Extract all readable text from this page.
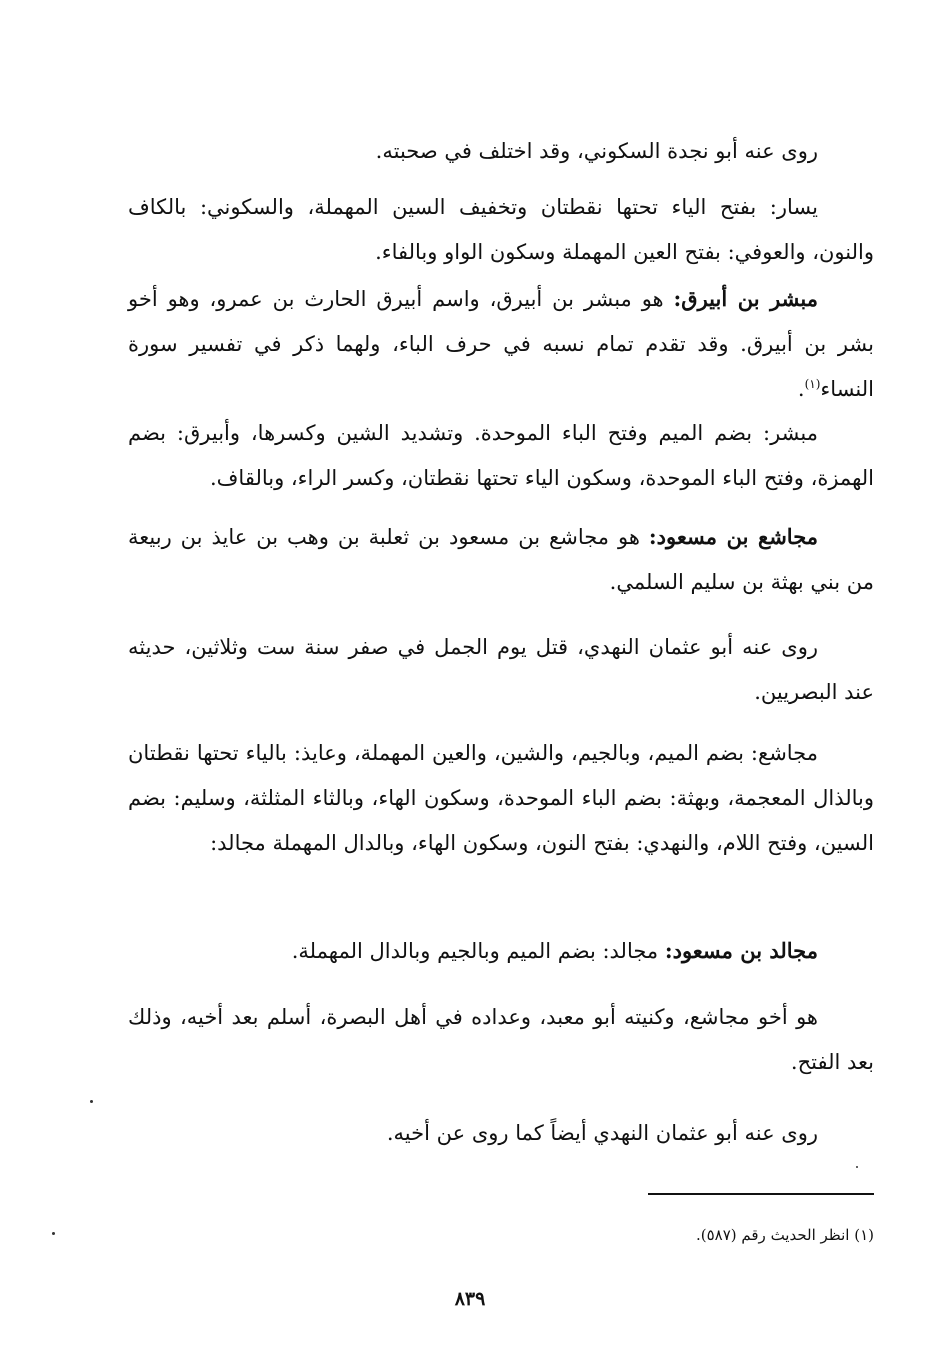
روى عنه أبو نجدة السكوني، وقد اختلف في صحبته.
يسار: بفتح الياء تحتها نقطتان وتخفيف السين المهملة، والسكوني: بالكاف والنون، والعوفي: بفتح العين المهملة وسكون الواو وبالفاء.
مبشر بن أبيرق: هو مبشر بن أبيرق، واسم أبيرق الحارث بن عمرو، وهو أخو بشر بن أبيرق. وقد تقدم تمام نسبه في حرف الباء، ولهما ذكر في تفسير سورة النساء$^{(١)}$.
مبشر: بضم الميم وفتح الباء الموحدة. وتشديد الشين وكسرها، وأبيرق: بضم الهمزة، وفتح الباء الموحدة، وسكون الياء تحتها نقطتان، وكسر الراء، وبالقاف.
مجاشع بن مسعود: هو مجاشع بن مسعود بن ثعلبة بن وهب بن عايذ بن ربيعة من بني بهثة بن سليم السلمي.
روى عنه أبو عثمان النهدي، قتل يوم الجمل في صفر سنة ست وثلاثين، حديثه عند البصريين.
مجاشع: بضم الميم، وبالجيم، والشين، والعين المهملة، وعايذ: بالياء تحتها نقطتان وبالذال المعجمة، وبهثة: بضم الباء الموحدة، وسكون الهاء، وبالثاء المثلثة، وسليم: بضم السين، وفتح اللام، والنهدي: بفتح النون، وسكون الهاء، وبالدال المهملة مجالد:
مجالد بن مسعود: مجالد: بضم الميم وبالجيم وبالدال المهملة.
هو أخو مجاشع، وكنيته أبو معبد، وعداده في أهل البصرة، أسلم بعد أخيه، وذلك بعد الفتح.
روى عنه أبو عثمان النهدي أيضاً كما روى عن أخيه.
(١) انظر الحديث رقم (٥٨٧).
٨٣٩
